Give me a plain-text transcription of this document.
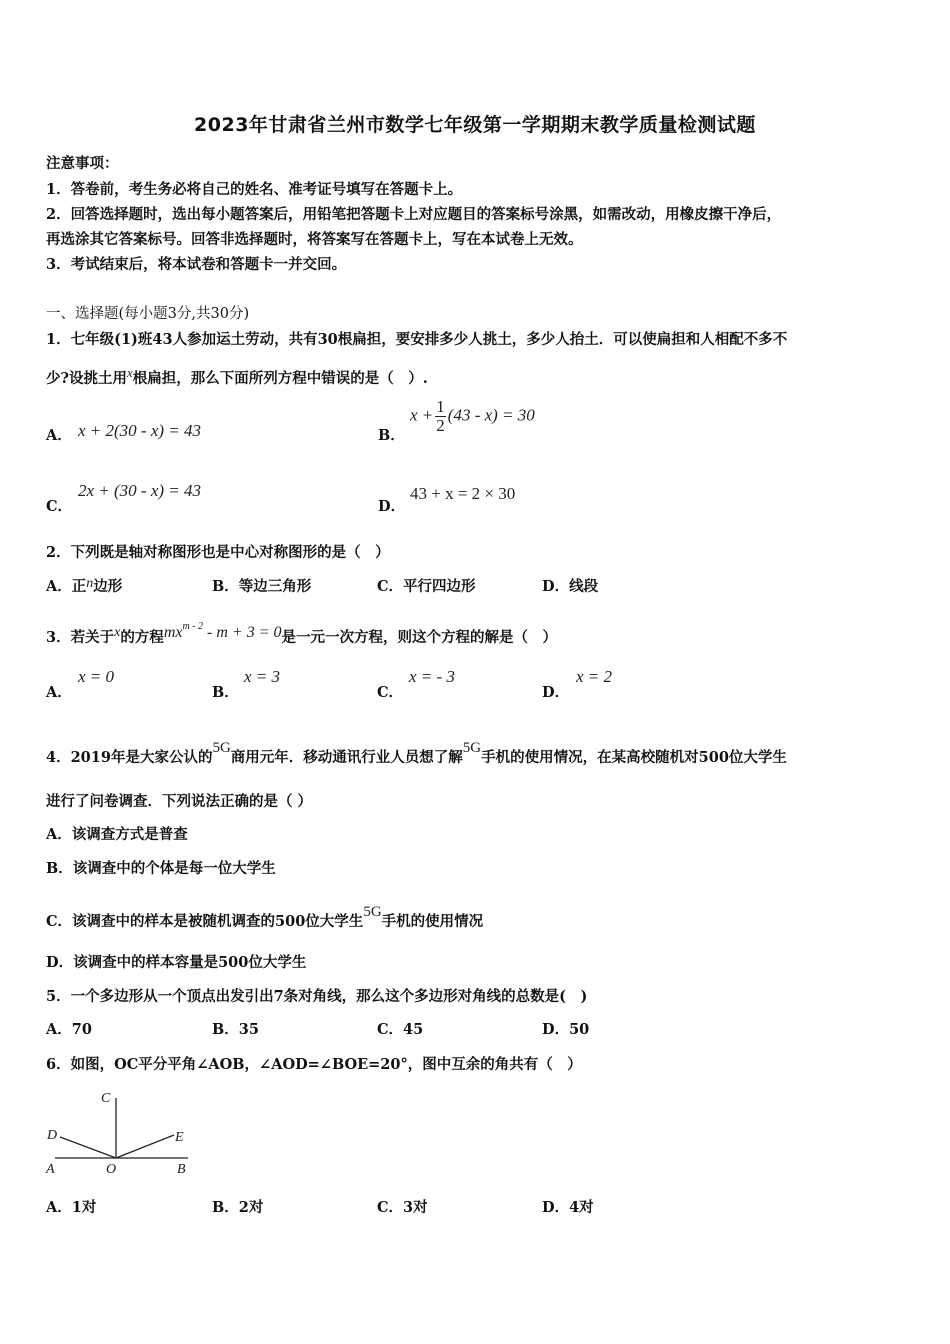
2023年甘肃省兰州市数学七年级第一学期期末教学质量检测试题
注意事项：
1．答卷前，考生务必将自己的姓名、准考证号填写在答题卡上。
2．回答选择题时，选出每小题答案后，用铅笔把答题卡上对应题目的答案标号涂黑，如需改动，用橡皮擦干净后，
再选涂其它答案标号。回答非选择题时，将答案写在答题卡上，写在本试卷上无效。
3．考试结束后，将本试卷和答题卡一并交回。
一、选择题(每小题3分,共30分)
1．七年级(1)班43人参加运土劳动，共有30根扁担，要安排多少人挑土，多少人抬土．可以使扁担和人相配不多不
少?设挑土用x根扁担，那么下面所列方程中错误的是（　）.
A． x + 2(30 - x) = 43	B．
$x + \frac{1}{2} (43 - x) = 30$
C．
2x + (30 - x) = 43
D．
43 + x = 2 × 30
2．下列既是轴对称图形也是中心对称图形的是（　）
A．正n边形	B．等边三角形	C．平行四边形	D．线段
3．若关于x的方程$mx^{m - 2} - m + 3 = 0$是一元一次方程，则这个方程的解是（　）
A．
x = 0
B．
x = 3
C．
x = - 3
D．
x = 2
4．2019年是大家公认的5G商用元年．移动通讯行业人员想了解5G手机的使用情况，在某高校随机对500位大学生
进行了问卷调查．下列说法正确的是（ ）
A．该调查方式是普查
B．该调查中的个体是每一位大学生
C．该调查中的样本是被随机调查的500位大学生5G手机的使用情况
D．该调查中的样本容量是500位大学生
5．一个多边形从一个顶点出发引出7条对角线，那么这个多边形对角线的总数是(　)
A．70	B．35	C．45	D．50
6．如图，OC平分平角∠AOB，∠AOD=∠BOE=20°，图中互余的角共有（　）
C
D	E
A	O	B
A．1对	B．2对	C．3对	D．4对
